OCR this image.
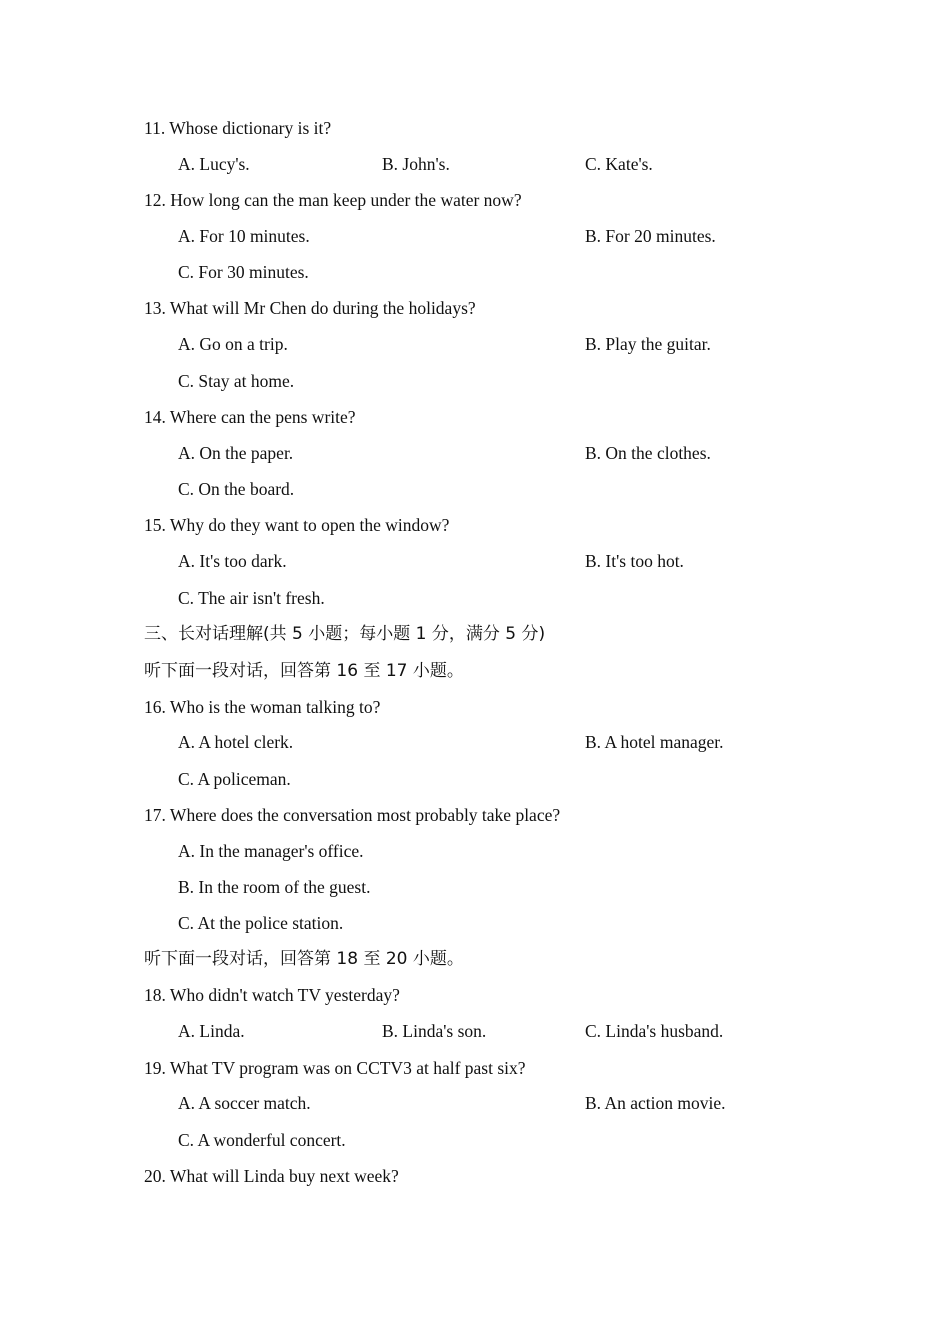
11. Whose dictionary is it?
A. Lucy's.	B. John's.	C. Kate's.
12. How long can the man keep under the water now?
A. For 10 minutes.	B. For 20 minutes.
C. For 30 minutes.
13. What will Mr Chen do during the holidays?
A. Go on a trip.	B. Play the guitar.
C. Stay at home.
14. Where can the pens write?
A. On the paper.	B. On the clothes.
C. On the board.
15. Why do they want to open the window?
A. It's too dark.	B. It's too hot.
C. The air isn't fresh.
三、长对话理解(共 5 小题；每小题 1 分，满分 5 分)
听下面一段对话，回答第 16 至 17 小题。
16. Who is the woman talking to?
A. A hotel clerk.	B. A hotel manager.
C. A policeman.
17. Where does the conversation most probably take place?
A. In the manager's office.
B. In the room of the guest.
C. At the police station.
听下面一段对话，回答第 18 至 20 小题。
18. Who didn't watch TV yesterday?
A. Linda.	B. Linda's son.	C. Linda's husband.
19. What TV program was on CCTV3 at half past six?
A. A soccer match.	B. An action movie.
C. A wonderful concert.
20. What will Linda buy next week?
